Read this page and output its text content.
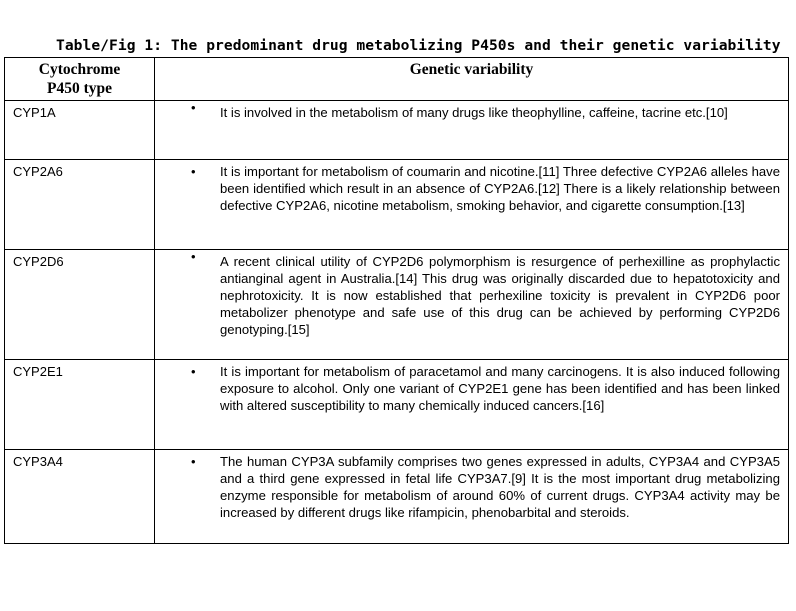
Table/Fig 1: The predominant drug metabolizing P450s and their genetic variability

Cytochrome
P450 type	Genetic variability
CYP1A	• It is involved in the metabolism of many drugs like theophylline, caffeine, tacrine etc.[10]

CYP2A6	• It is important for metabolism of coumarin and nicotine.[11] Three defective CYP2A6 alleles have been identified which result in an absence of CYP2A6.[12] There is a likely relationship between defective CYP2A6, nicotine metabolism, smoking behavior, and cigarette consumption.[13]

CYP2D6	• A recent clinical utility of CYP2D6 polymorphism is resurgence of perhexilline as prophylactic antianginal agent in Australia.[14] This drug was originally discarded due to hepatotoxicity and nephrotoxicity. It is now established that perhexiline toxicity is prevalent in CYP2D6 poor metabolizer phenotype and safe use of this drug can be achieved by performing CYP2D6 genotyping.[15]

CYP2E1	• It is important for metabolism of paracetamol and many carcinogens. It is also induced following exposure to alcohol. Only one variant of CYP2E1 gene has been identified and has been linked with altered susceptibility to many chemically induced cancers.[16]

CYP3A4	• The human CYP3A subfamily comprises two genes expressed in adults, CYP3A4 and CYP3A5 and a third gene expressed in fetal life CYP3A7.[9] It is the most important drug metabolizing enzyme responsible for metabolism of around 60% of current drugs. CYP3A4 activity may be increased by different drugs like rifampicin, phenobarbital and steroids.
